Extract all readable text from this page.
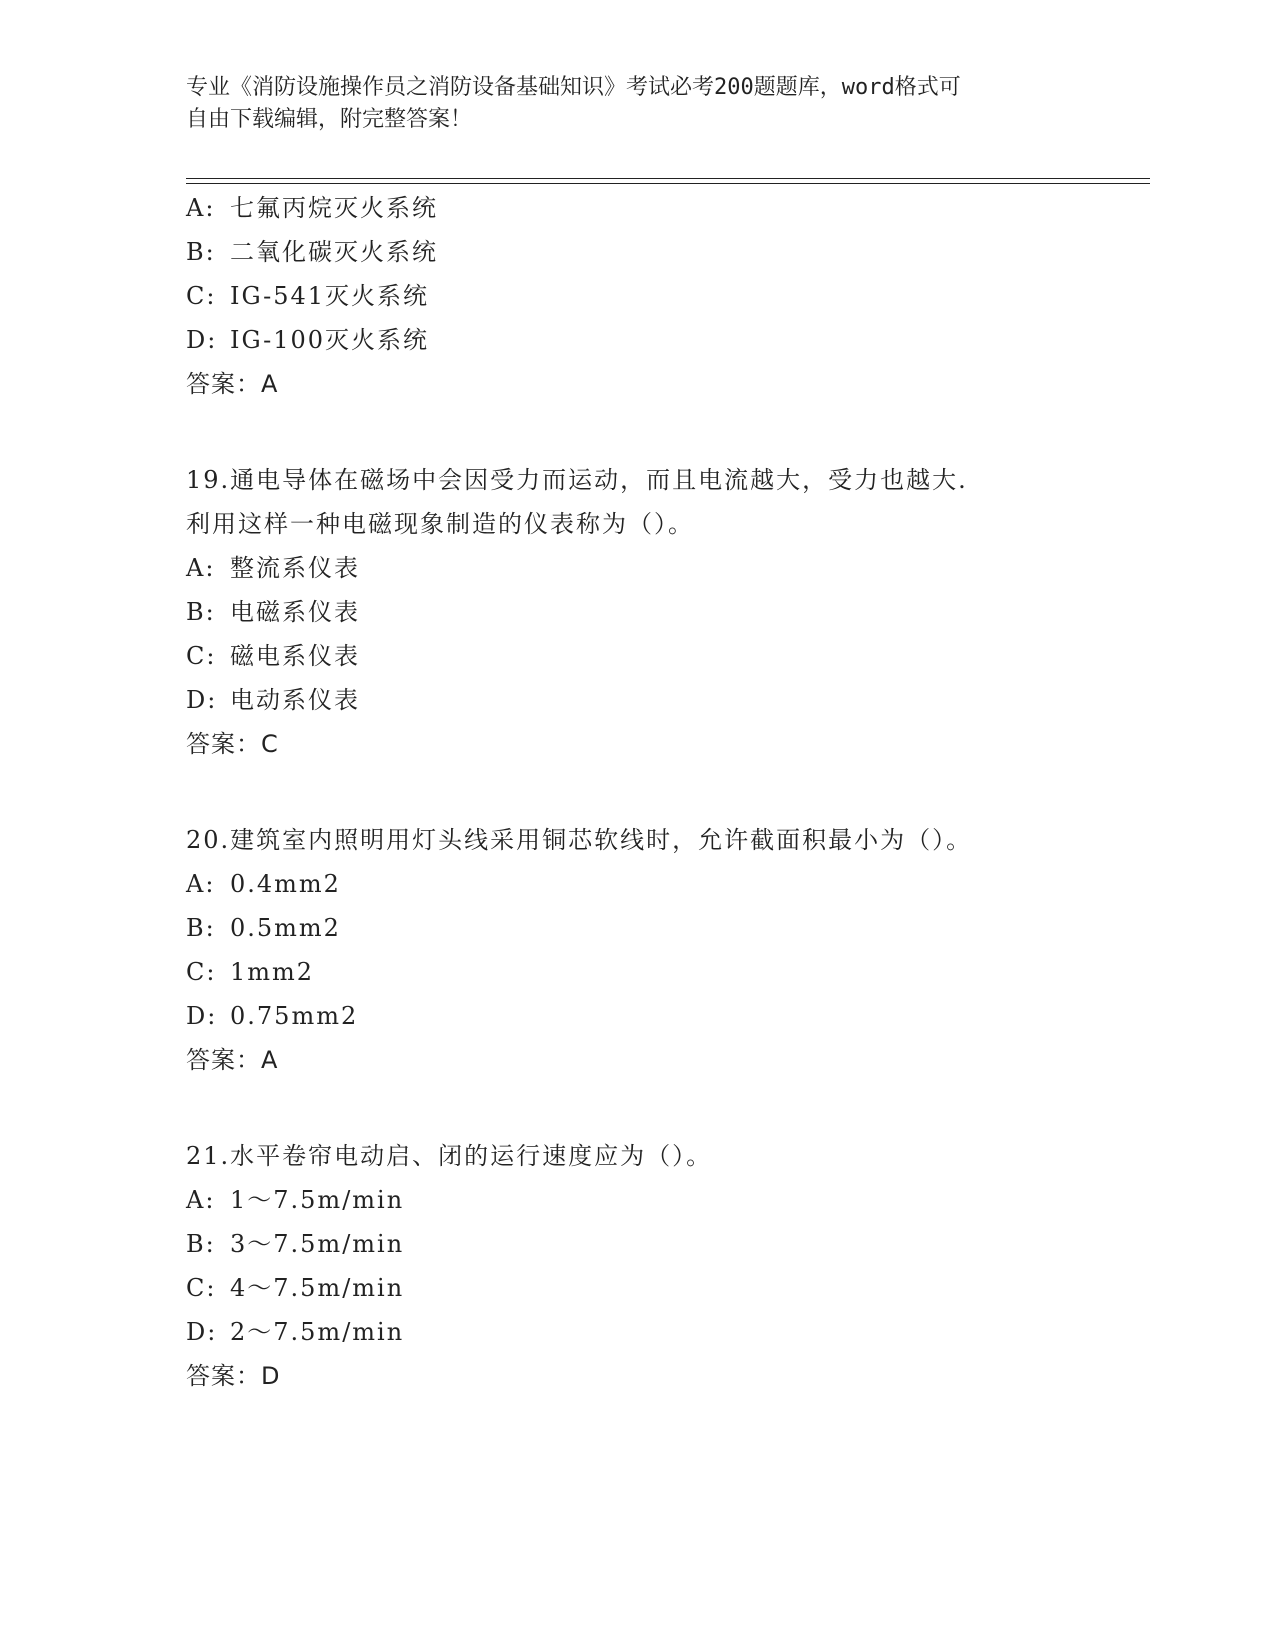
专业《消防设施操作员之消防设备基础知识》考试必考200题题库，word格式可
自由下载编辑，附完整答案！
A: 七氟丙烷灭火系统
B: 二氧化碳灭火系统
C: IG-541灭火系统
D: IG-100灭火系统
答案：A
19.通电导体在磁场中会因受力而运动，而且电流越大，受力也越大.
利用这样一种电磁现象制造的仪表称为（）。
A: 整流系仪表
B: 电磁系仪表
C: 磁电系仪表
D: 电动系仪表
答案：C
20.建筑室内照明用灯头线采用铜芯软线时，允许截面积最小为（）。
A: 0.4mm2
B: 0.5mm2
C: 1mm2
D: 0.75mm2
答案：A
21.水平卷帘电动启、闭的运行速度应为（）。
A: 1～7.5m/min
B: 3～7.5m/min
C: 4～7.5m/min
D: 2～7.5m/min
答案：D
